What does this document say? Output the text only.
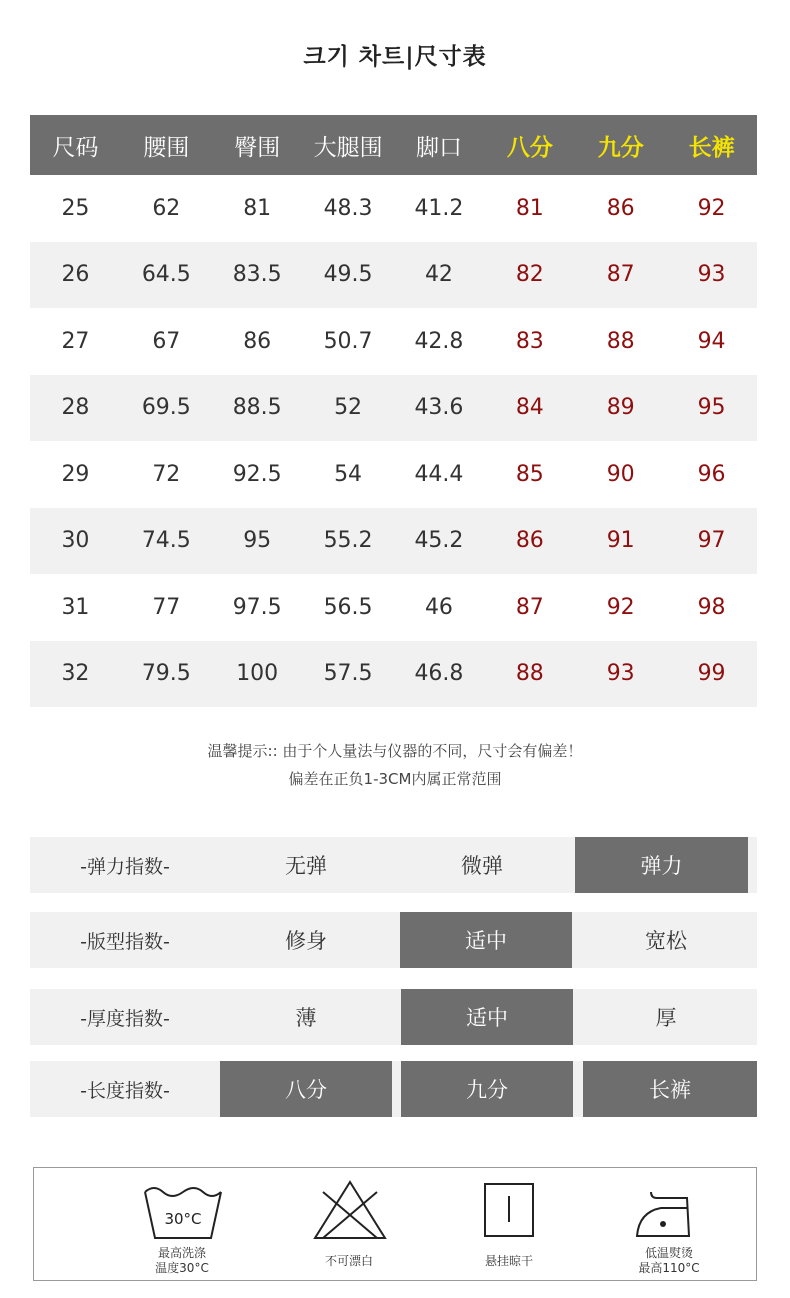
크기 차트|尺寸表
尺码	腰围	臀围	大腿围	脚口	八分	九分	长裤
25	62	81	48.3	41.2	81	86	92
26	64.5	83.5	49.5	42	82	87	93
27	67	86	50.7	42.8	83	88	94
28	69.5	88.5	52	43.6	84	89	95
29	72	92.5	54	44.4	85	90	96
30	74.5	95	55.2	45.2	86	91	97
31	77	97.5	56.5	46	87	92	98
32	79.5	100	57.5	46.8	88	93	99
温馨提示:: 由于个人量法与仪器的不同，尺寸会有偏差！
偏差在正负1-3CM内属正常范围
-弹力指数-	无弹	微弹	弹力
-版型指数-	修身	适中	宽松
-厚度指数-	薄	适中	厚
-长度指数-	八分	九分	长裤
30°C
最高洗涤
温度30°C	不可漂白	悬挂晾干
低温熨烫
最高110°C
